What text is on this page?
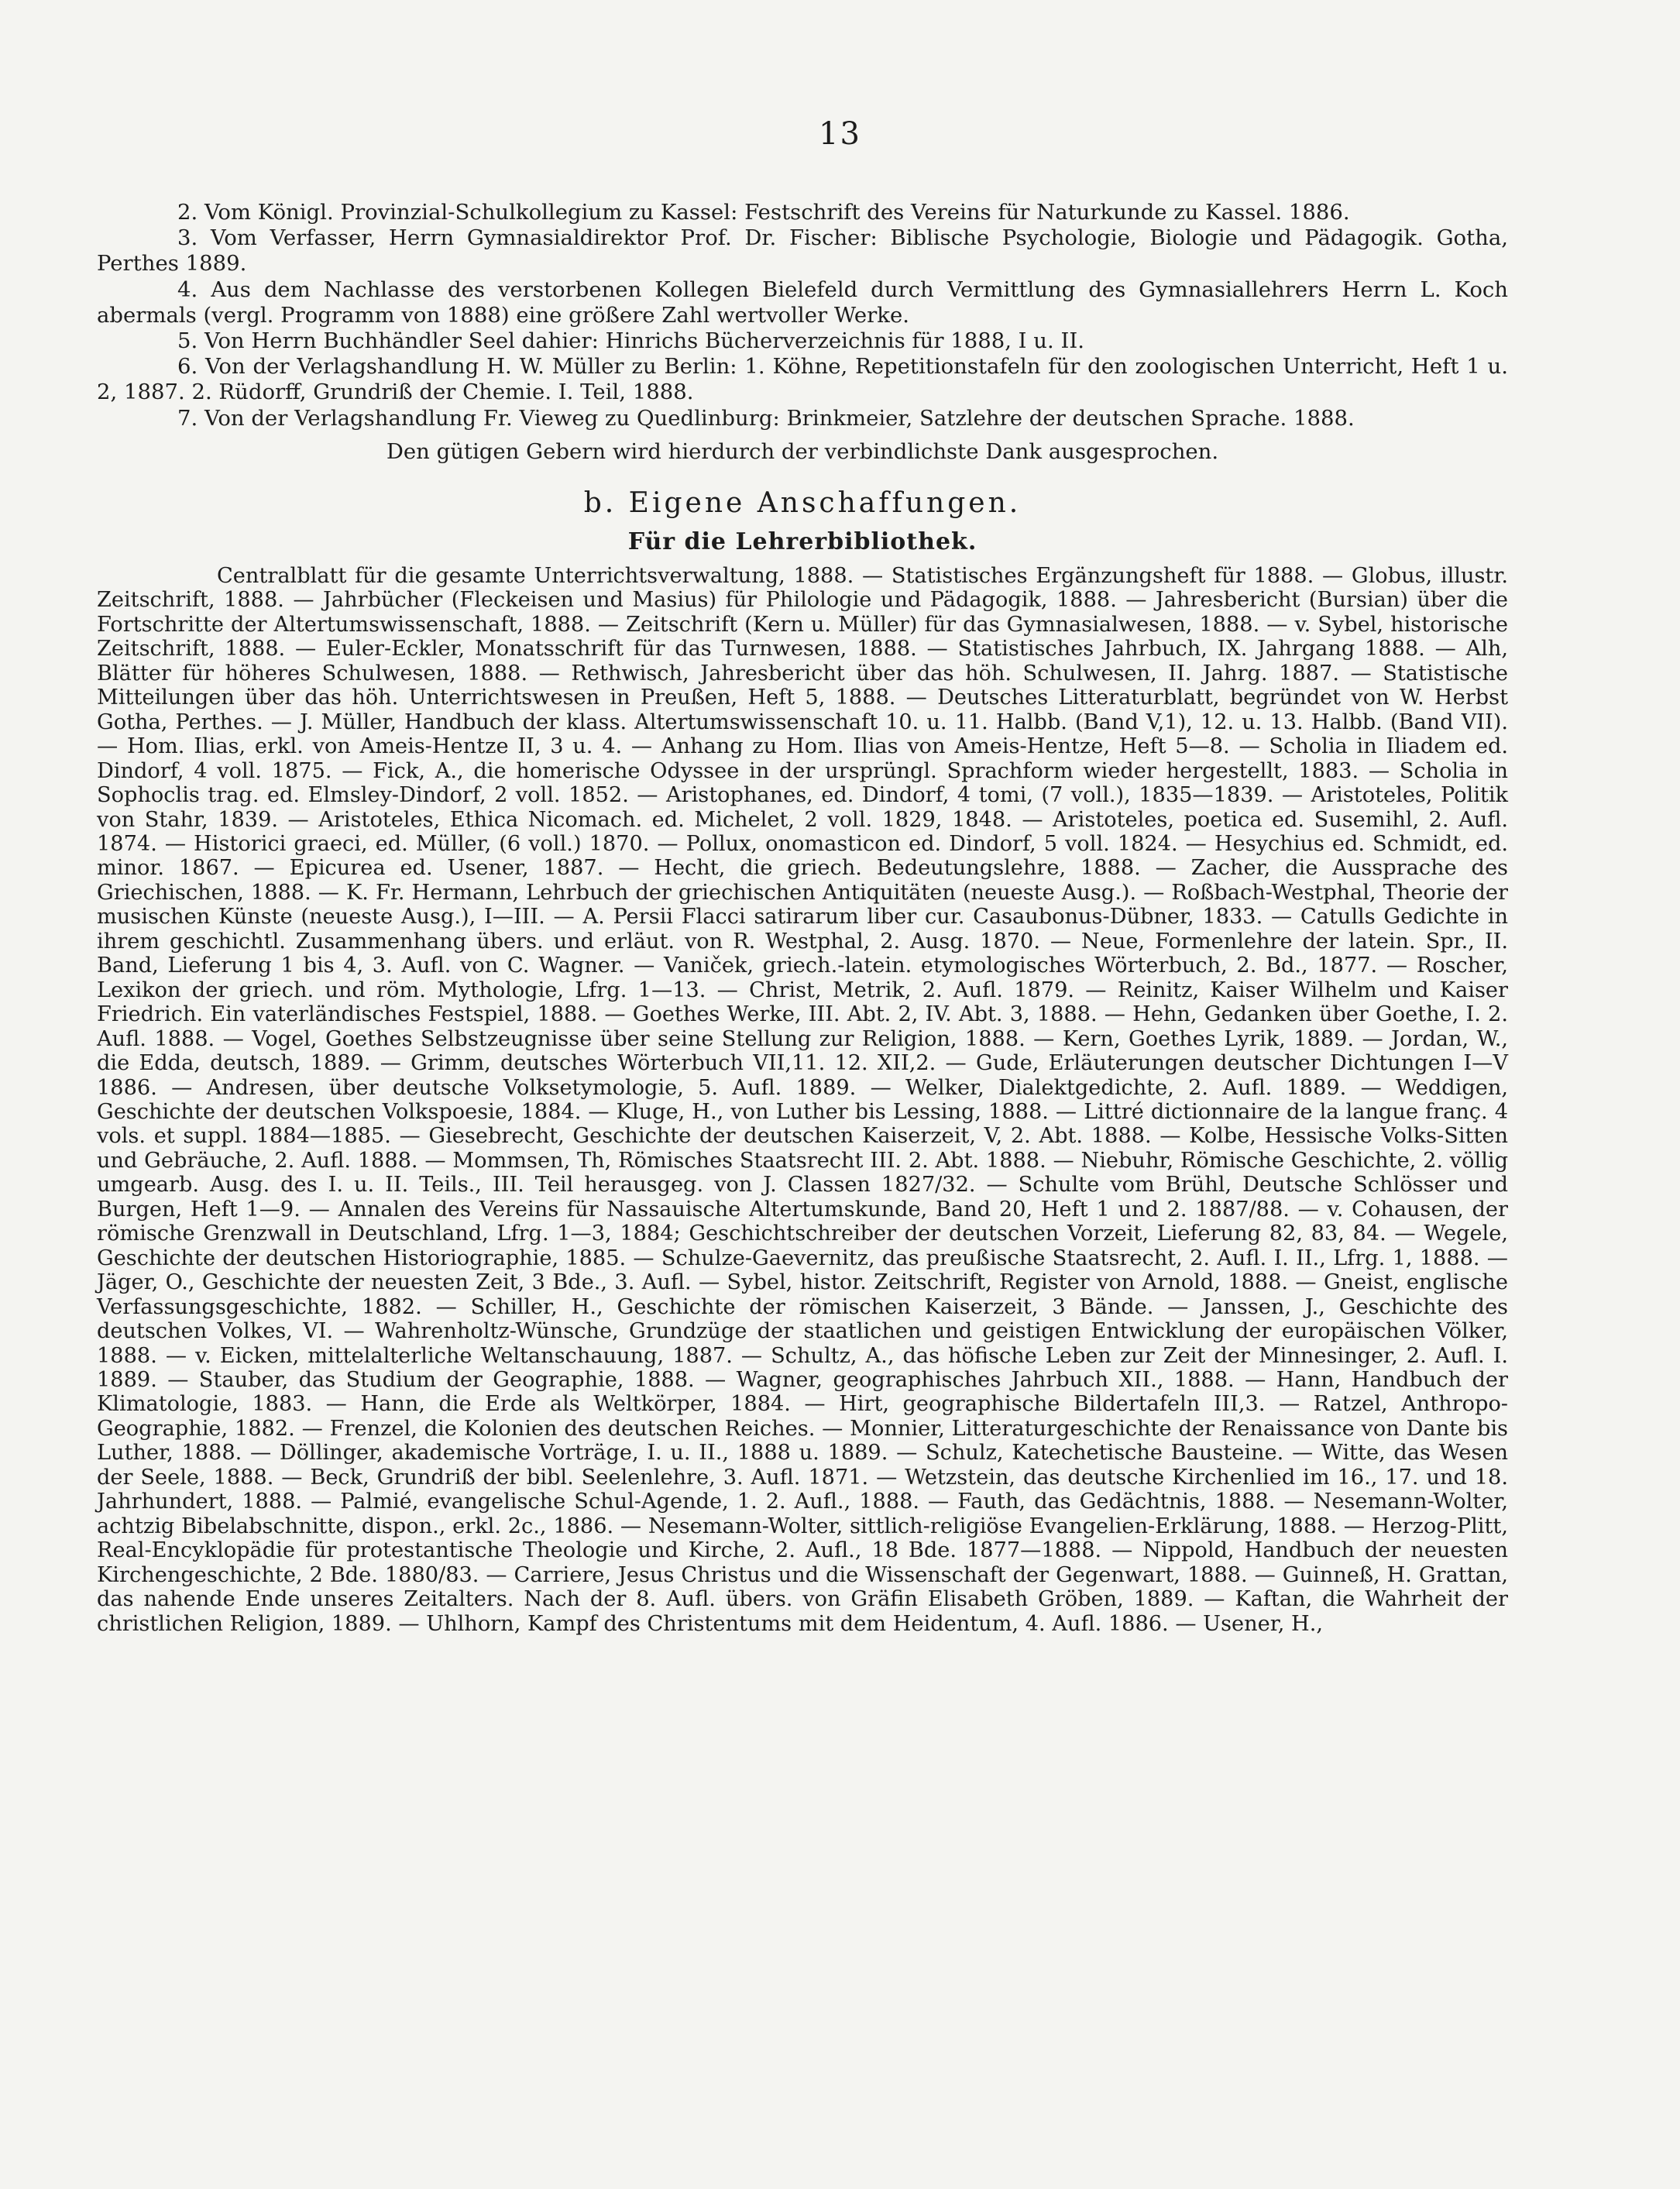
13

2. Vom Königl. Provinzial-Schulkollegium zu Kassel: Festschrift des Vereins für Naturkunde zu Kassel. 1886.

3. Vom Verfasser, Herrn Gymnasialdirektor Prof. Dr. Fischer: Biblische Psychologie, Biologie und Pädagogik. Gotha, Perthes 1889.

4. Aus dem Nachlasse des verstorbenen Kollegen Bielefeld durch Vermittlung des Gymnasiallehrers Herrn L. Koch abermals (vergl. Programm von 1888) eine größere Zahl wertvoller Werke.

5. Von Herrn Buchhändler Seel dahier: Hinrichs Bücherverzeichnis für 1888, I u. II.

6. Von der Verlagshandlung H. W. Müller zu Berlin: 1. Köhne, Repetitionstafeln für den zoologischen Unterricht, Heft 1 u. 2, 1887. 2. Rüdorff, Grundriß der Chemie. I. Teil, 1888.

7. Von der Verlagshandlung Fr. Vieweg zu Quedlinburg: Brinkmeier, Satzlehre der deutschen Sprache. 1888.

Den gütigen Gebern wird hierdurch der verbindlichste Dank ausgesprochen.

b. Eigene Anschaffungen.

Für die Lehrerbibliothek.

Centralblatt für die gesamte Unterrichtsverwaltung, 1888. — Statistisches Ergänzungsheft für 1888. — Globus, illustr. Zeitschrift, 1888. — Jahrbücher (Fleckeisen und Masius) für Philologie und Pädagogik, 1888. — Jahresbericht (Bursian) über die Fortschritte der Altertumswissenschaft, 1888. — Zeitschrift (Kern u. Müller) für das Gymnasialwesen, 1888. — v. Sybel, historische Zeitschrift, 1888. — Euler-Eckler, Monatsschrift für das Turnwesen, 1888. — Statistisches Jahrbuch, IX. Jahrgang 1888. — Alh, Blätter für höheres Schulwesen, 1888. — Rethwisch, Jahresbericht über das höh. Schulwesen, II. Jahrg. 1887. — Statistische Mitteilungen über das höh. Unterrichtswesen in Preußen, Heft 5, 1888. — Deutsches Litteraturblatt, begründet von W. Herbst Gotha, Perthes. — J. Müller, Handbuch der klass. Altertumswissenschaft 10. u. 11. Halbb. (Band V,1), 12. u. 13. Halbb. (Band VII). — Hom. Ilias, erkl. von Ameis-Hentze II, 3 u. 4. — Anhang zu Hom. Ilias von Ameis-Hentze, Heft 5—8. — Scholia in Iliadem ed. Dindorf, 4 voll. 1875. — Fick, A., die homerische Odyssee in der ursprüngl. Sprachform wieder hergestellt, 1883. — Scholia in Sophoclis trag. ed. Elmsley-Dindorf, 2 voll. 1852. — Aristophanes, ed. Dindorf, 4 tomi, (7 voll.), 1835—1839. — Aristoteles, Politik von Stahr, 1839. — Aristoteles, Ethica Nicomach. ed. Michelet, 2 voll. 1829, 1848. — Aristoteles, poetica ed. Susemihl, 2. Aufl. 1874. — Historici graeci, ed. Müller, (6 voll.) 1870. — Pollux, onomasticon ed. Dindorf, 5 voll. 1824. — Hesychius ed. Schmidt, ed. minor. 1867. — Epicurea ed. Usener, 1887. — Hecht, die griech. Bedeutungslehre, 1888. — Zacher, die Aussprache des Griechischen, 1888. — K. Fr. Hermann, Lehrbuch der griechischen Antiquitäten (neueste Ausg.). — Roßbach-Westphal, Theorie der musischen Künste (neueste Ausg.), I—III. — A. Persii Flacci satirarum liber cur. Casaubonus-Dübner, 1833. — Catulls Gedichte in ihrem geschichtl. Zusammenhang übers. und erläut. von R. Westphal, 2. Ausg. 1870. — Neue, Formenlehre der latein. Spr., II. Band, Lieferung 1 bis 4, 3. Aufl. von C. Wagner. — Vaniček, griech.-latein. etymologisches Wörterbuch, 2. Bd., 1877. — Roscher, Lexikon der griech. und röm. Mythologie, Lfrg. 1—13. — Christ, Metrik, 2. Aufl. 1879. — Reinitz, Kaiser Wilhelm und Kaiser Friedrich. Ein vaterländisches Festspiel, 1888. — Goethes Werke, III. Abt. 2, IV. Abt. 3, 1888. — Hehn, Gedanken über Goethe, I. 2. Aufl. 1888. — Vogel, Goethes Selbstzeugnisse über seine Stellung zur Religion, 1888. — Kern, Goethes Lyrik, 1889. — Jordan, W., die Edda, deutsch, 1889. — Grimm, deutsches Wörterbuch VII,11. 12. XII,2. — Gude, Erläuterungen deutscher Dichtungen I—V 1886. — Andresen, über deutsche Volksetymologie, 5. Aufl. 1889. — Welker, Dialektgedichte, 2. Aufl. 1889. — Weddigen, Geschichte der deutschen Volkspoesie, 1884. — Kluge, H., von Luther bis Lessing, 1888. — Littré dictionnaire de la langue franç. 4 vols. et suppl. 1884—1885. — Giesebrecht, Geschichte der deutschen Kaiserzeit, V, 2. Abt. 1888. — Kolbe, Hessische Volks-Sitten und Gebräuche, 2. Aufl. 1888. — Mommsen, Th, Römisches Staatsrecht III. 2. Abt. 1888. — Niebuhr, Römische Geschichte, 2. völlig umgearb. Ausg. des I. u. II. Teils., III. Teil herausgeg. von J. Classen 1827/32. — Schulte vom Brühl, Deutsche Schlösser und Burgen, Heft 1—9. — Annalen des Vereins für Nassauische Altertumskunde, Band 20, Heft 1 und 2. 1887/88. — v. Cohausen, der römische Grenzwall in Deutschland, Lfrg. 1—3, 1884; Geschichtschreiber der deutschen Vorzeit, Lieferung 82, 83, 84. — Wegele, Geschichte der deutschen Historiographie, 1885. — Schulze-Gaevernitz, das preußische Staatsrecht, 2. Aufl. I. II., Lfrg. 1, 1888. — Jäger, O., Geschichte der neuesten Zeit, 3 Bde., 3. Aufl. — Sybel, histor. Zeitschrift, Register von Arnold, 1888. — Gneist, englische Verfassungsgeschichte, 1882. — Schiller, H., Geschichte der römischen Kaiserzeit, 3 Bände. — Janssen, J., Geschichte des deutschen Volkes, VI. — Wahrenholtz-Wünsche, Grundzüge der staatlichen und geistigen Entwicklung der europäischen Völker, 1888. — v. Eicken, mittelalterliche Weltanschauung, 1887. — Schultz, A., das höfische Leben zur Zeit der Minnesinger, 2. Aufl. I. 1889. — Stauber, das Studium der Geographie, 1888. — Wagner, geographisches Jahrbuch XII., 1888. — Hann, Handbuch der Klimatologie, 1883. — Hann, die Erde als Weltkörper, 1884. — Hirt, geographische Bildertafeln III,3. — Ratzel, Anthropo-Geographie, 1882. — Frenzel, die Kolonien des deutschen Reiches. — Monnier, Litteraturgeschichte der Renaissance von Dante bis Luther, 1888. — Döllinger, akademische Vorträge, I. u. II., 1888 u. 1889. — Schulz, Katechetische Bausteine. — Witte, das Wesen der Seele, 1888. — Beck, Grundriß der bibl. Seelenlehre, 3. Aufl. 1871. — Wetzstein, das deutsche Kirchenlied im 16., 17. und 18. Jahrhundert, 1888. — Palmié, evangelische Schul-Agende, 1. 2. Aufl., 1888. — Fauth, das Gedächtnis, 1888. — Nesemann-Wolter, achtzig Bibelabschnitte, dispon., erkl. 2c., 1886. — Nesemann-Wolter, sittlich-religiöse Evangelien-Erklärung, 1888. — Herzog-Plitt, Real-Encyklopädie für protestantische Theologie und Kirche, 2. Aufl., 18 Bde. 1877—1888. — Nippold, Handbuch der neuesten Kirchengeschichte, 2 Bde. 1880/83. — Carriere, Jesus Christus und die Wissenschaft der Gegenwart, 1888. — Guinneß, H. Grattan, das nahende Ende unseres Zeitalters. Nach der 8. Aufl. übers. von Gräfin Elisabeth Gröben, 1889. — Kaftan, die Wahrheit der christlichen Religion, 1889. — Uhlhorn, Kampf des Christentums mit dem Heidentum, 4. Aufl. 1886. — Usener, H.,
